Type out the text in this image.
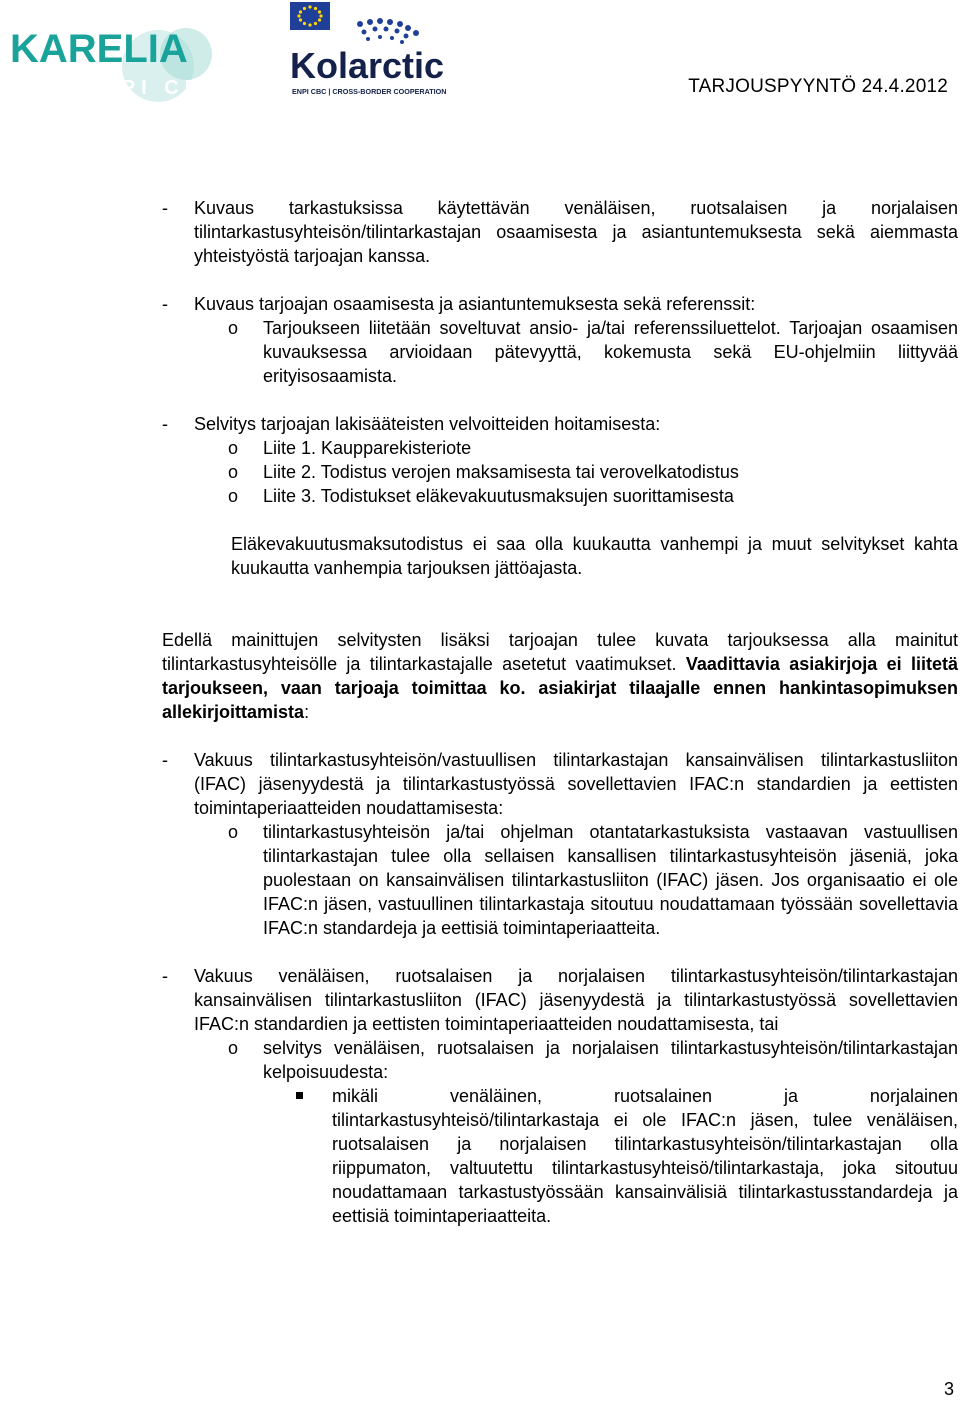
KARELIA
ENPI CBC
Kolarctic
ENPI CBC | CROSS-BORDER COOPERATION	TARJOUSPYYNTÖ 24.4.2012
-	Kuvaus tarkastuksissa käytettävän venäläisen, ruotsalaisen ja norjalaisen tilintarkastusyhteisön/tilintarkastajan osaamisesta ja asiantuntemuksesta sekä aiemmasta yhteistyöstä tarjoajan kanssa.
-	Kuvaus tarjoajan osaamisesta ja asiantuntemuksesta sekä referenssit:
o	Tarjoukseen liitetään soveltuvat ansio- ja/tai referenssiluettelot. Tarjoajan osaamisen kuvauksessa arvioidaan pätevyyttä, kokemusta sekä EU-ohjelmiin liittyvää erityisosaamista.
-	Selvitys tarjoajan lakisääteisten velvoitteiden hoitamisesta:
o	Liite 1. Kaupparekisteriote
o	Liite 2. Todistus verojen maksamisesta tai verovelkatodistus
o	Liite 3. Todistukset eläkevakuutusmaksujen suorittamisesta
Eläkevakuutusmaksutodistus ei saa olla kuukautta vanhempi ja muut selvitykset kahta kuukautta vanhempia tarjouksen jättöajasta.
Edellä mainittujen selvitysten lisäksi tarjoajan tulee kuvata tarjouksessa alla mainitut tilintarkastusyhteisölle ja tilintarkastajalle asetetut vaatimukset. Vaadittavia asiakirjoja ei liitetä tarjoukseen, vaan tarjoaja toimittaa ko. asiakirjat tilaajalle ennen hankintasopimuksen allekirjoittamista:
-	Vakuus tilintarkastusyhteisön/vastuullisen tilintarkastajan kansainvälisen tilintarkastusliiton (IFAC) jäsenyydestä ja tilintarkastustyössä sovellettavien IFAC:n standardien ja eettisten toimintaperiaatteiden noudattamisesta:
o	tilintarkastusyhteisön ja/tai ohjelman otantatarkastuksista vastaavan vastuullisen tilintarkastajan tulee olla sellaisen kansallisen tilintarkastusyhteisön jäseniä, joka puolestaan on kansainvälisen tilintarkastusliiton (IFAC) jäsen. Jos organisaatio ei ole IFAC:n jäsen, vastuullinen tilintarkastaja sitoutuu noudattamaan työssään sovellettavia IFAC:n standardeja ja eettisiä toimintaperiaatteita.
-	Vakuus venäläisen, ruotsalaisen ja norjalaisen tilintarkastusyhteisön/tilintarkastajan kansainvälisen tilintarkastusliiton (IFAC) jäsenyydestä ja tilintarkastustyössä sovellettavien IFAC:n standardien ja eettisten toimintaperiaatteiden noudattamisesta, tai
o	selvitys venäläisen, ruotsalaisen ja norjalaisen tilintarkastusyhteisön/tilintarkastajan kelpoisuudesta:
mikäli venäläinen, ruotsalainen ja norjalainen tilintarkastusyhteisö/tilintarkastaja ei ole IFAC:n jäsen, tulee venäläisen, ruotsalaisen ja norjalaisen tilintarkastusyhteisön/tilintarkastajan olla riippumaton, valtuutettu tilintarkastusyhteisö/tilintarkastaja, joka sitoutuu noudattamaan tarkastustyössään kansainvälisiä tilintarkastusstandardeja ja eettisiä toimintaperiaatteita.
3
